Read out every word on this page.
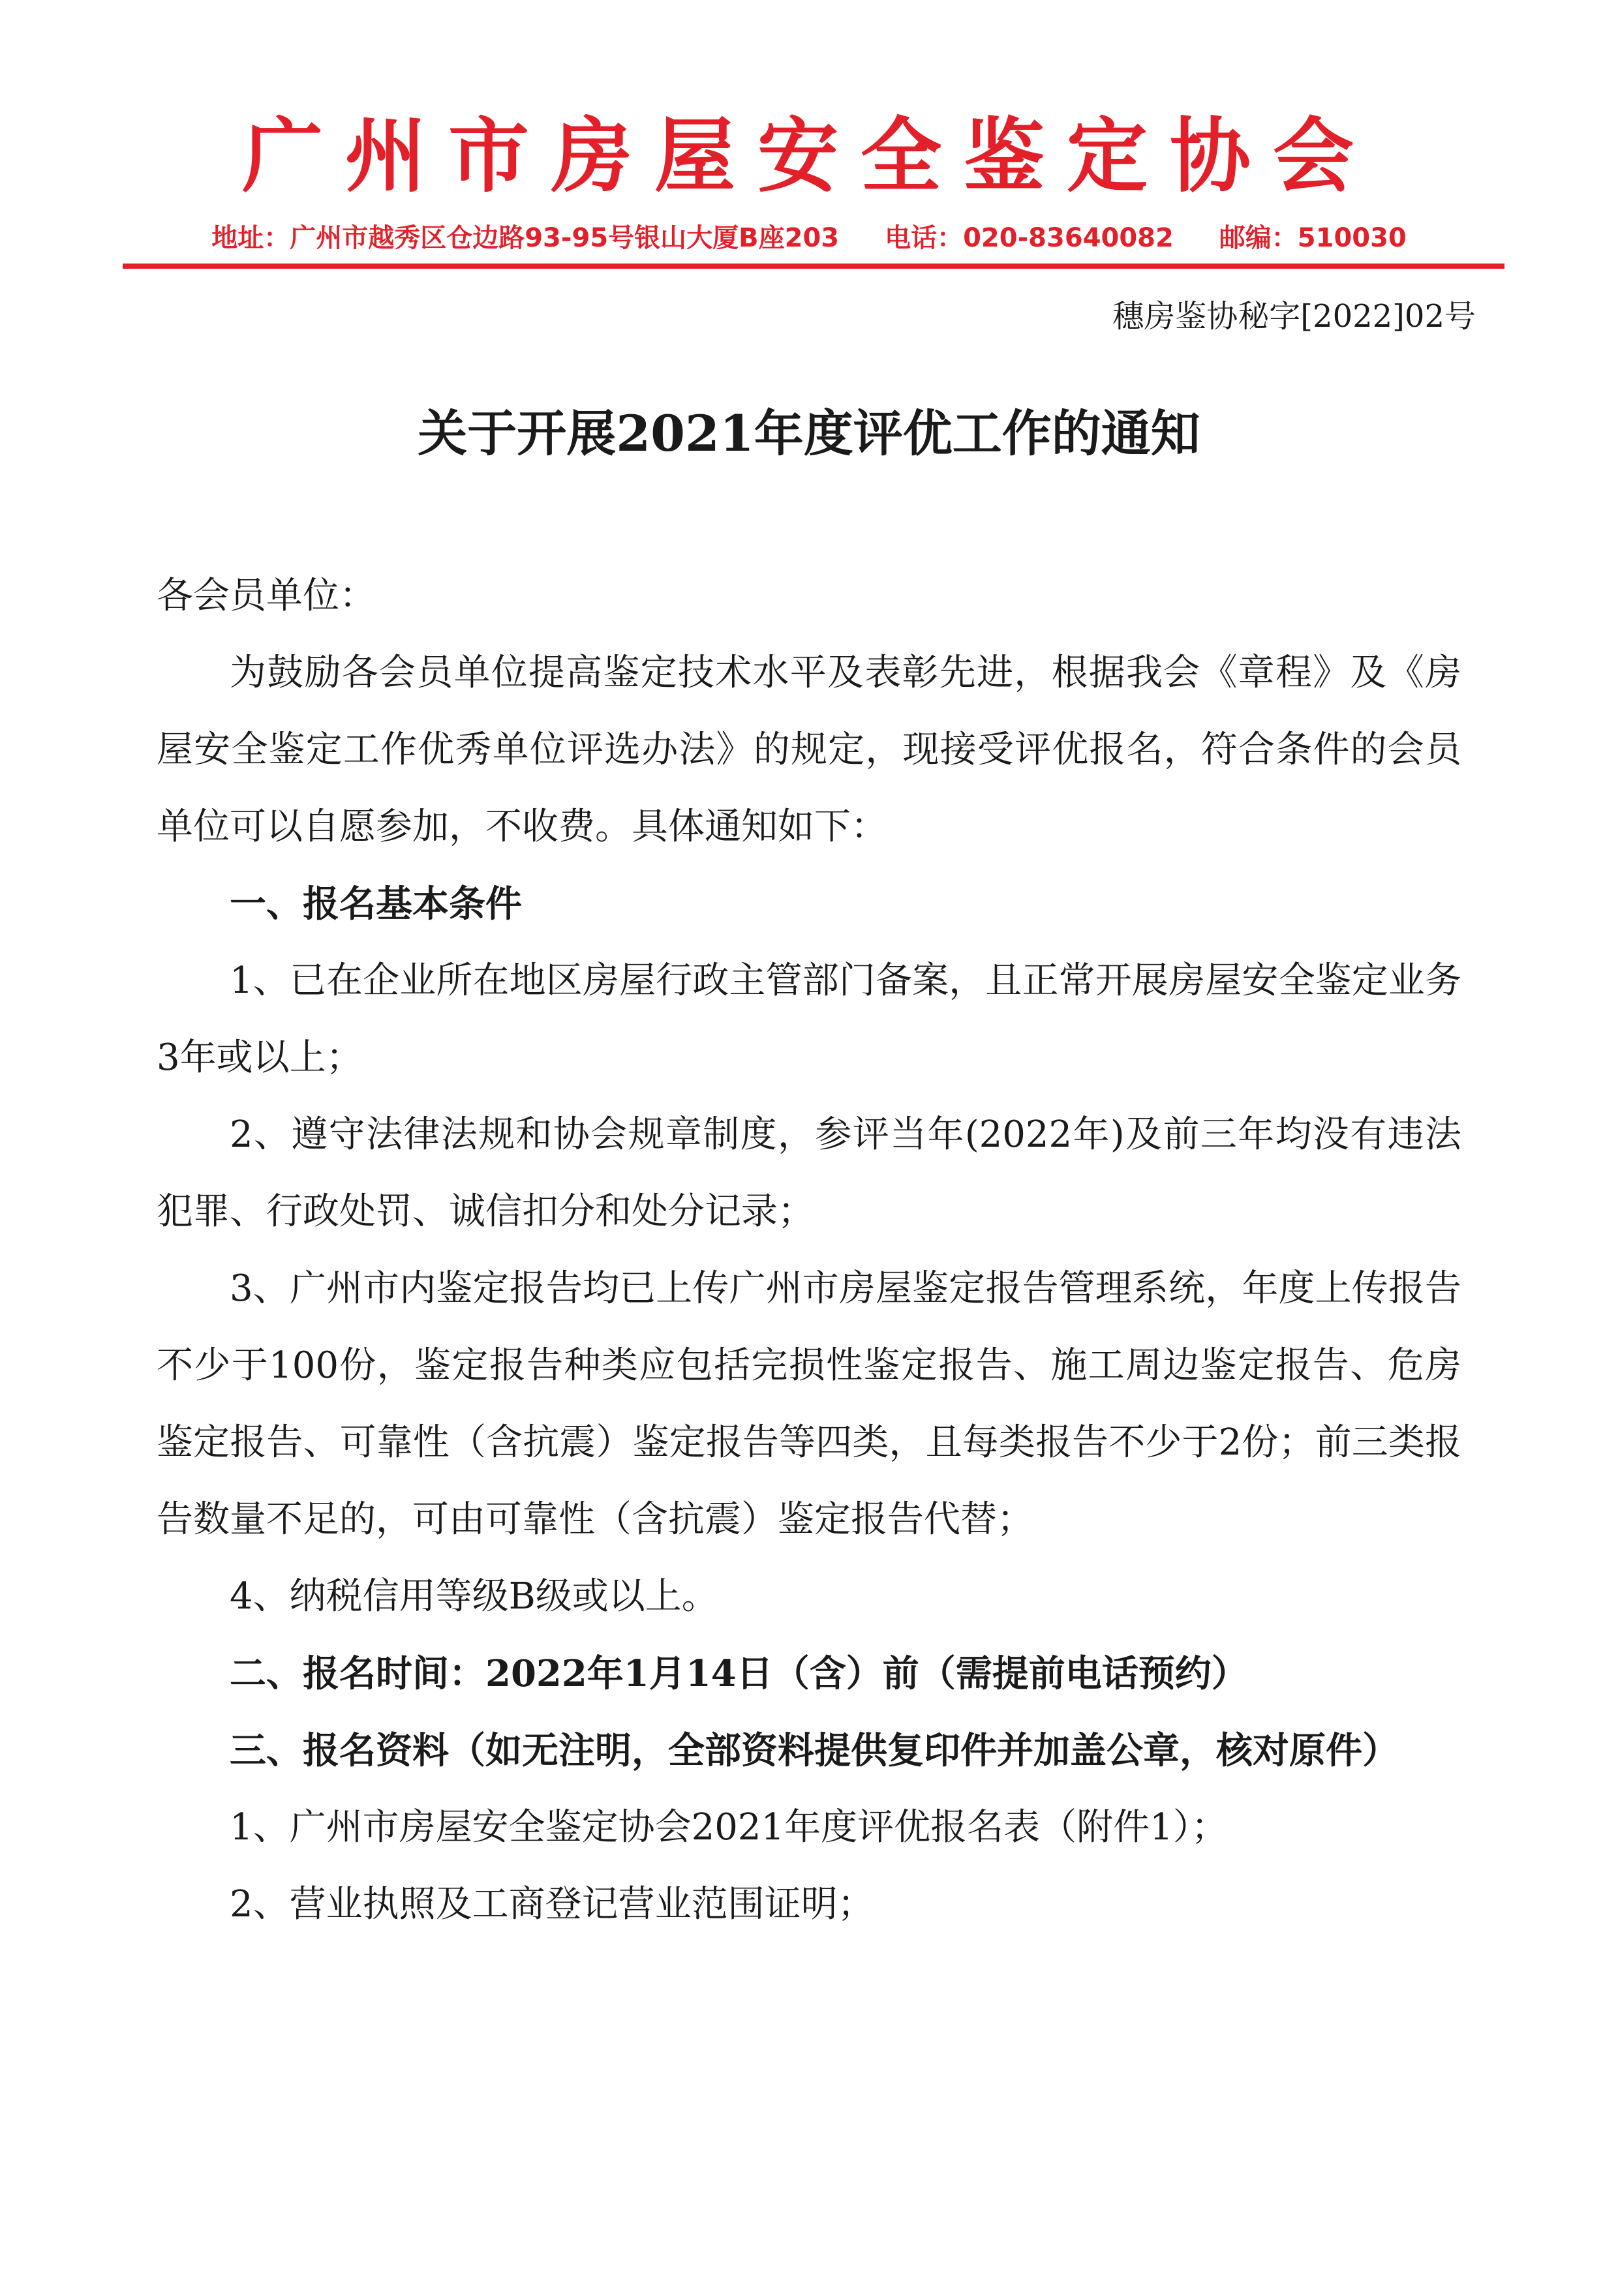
广州市房屋安全鉴定协会
地址：广州市越秀区仓边路93-95号银山大厦B座203 电话：020-83640082 邮编：510030
穗房鉴协秘字[2022]02号
关于开展2021年度评优工作的通知

各会员单位：

为鼓励各会员单位提高鉴定技术水平及表彰先进，根据我会《章程》及《房屋安全鉴定工作优秀单位评选办法》的规定，现接受评优报名，符合条件的会员单位可以自愿参加，不收费。具体通知如下：

一、报名基本条件

1、已在企业所在地区房屋行政主管部门备案，且正常开展房屋安全鉴定业务3年或以上；

2、遵守法律法规和协会规章制度，参评当年(2022年)及前三年均没有违法犯罪、行政处罚、诚信扣分和处分记录；

3、广州市内鉴定报告均已上传广州市房屋鉴定报告管理系统，年度上传报告不少于100份，鉴定报告种类应包括完损性鉴定报告、施工周边鉴定报告、危房鉴定报告、可靠性（含抗震）鉴定报告等四类，且每类报告不少于2份；前三类报告数量不足的，可由可靠性（含抗震）鉴定报告代替；

4、纳税信用等级B级或以上。

二、报名时间：2022年1月14日（含）前（需提前电话预约）

三、报名资料（如无注明，全部资料提供复印件并加盖公章，核对原件）

1、广州市房屋安全鉴定协会2021年度评优报名表（附件1）；

2、营业执照及工商登记营业范围证明；
